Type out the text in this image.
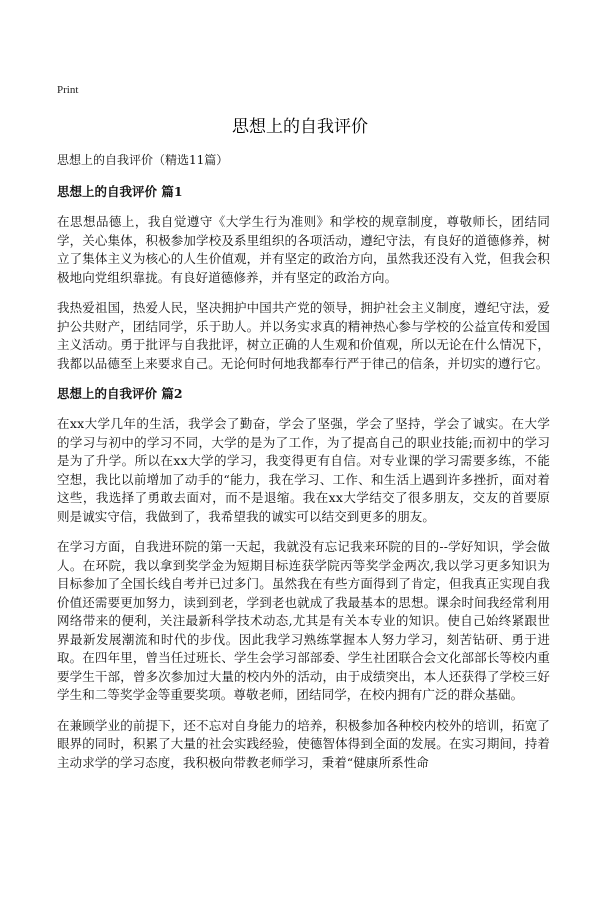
Print
思想上的自我评价
思想上的自我评价（精选11篇）
思想上的自我评价 篇1

在思想品德上，我自觉遵守《大学生行为准则》和学校的规章制度，尊敬师长，团结同学，关心集体，积极参加学校及系里组织的各项活动，遵纪守法，有良好的道德修养，树立了集体主义为核心的人生价值观，并有坚定的政治方向，虽然我还没有入党，但我会积极地向党组织靠拢。有良好道德修养，并有坚定的政治方向。

我热爱祖国，热爱人民，坚决拥护中国共产党的领导，拥护社会主义制度，遵纪守法，爱护公共财产，团结同学，乐于助人。并以务实求真的精神热心参与学校的公益宣传和爱国主义活动。勇于批评与自我批评，树立正确的人生观和价值观，所以无论在什么情况下，我都以品德至上来要求自己。无论何时何地我都奉行严于律己的信条，并切实的遵行它。

思想上的自我评价 篇2

在xx大学几年的生活，我学会了勤奋，学会了坚强，学会了坚持，学会了诚实。在大学的学习与初中的学习不同，大学的是为了工作，为了提高自己的职业技能;而初中的学习是为了升学。所以在xx大学的学习，我变得更有自信。对专业课的学习需要多练，不能空想，我比以前增加了动手的“能力，我在学习、工作、和生活上遇到许多挫折，面对着这些，我选择了勇敢去面对，而不是退缩。我在xx大学结交了很多朋友，交友的首要原则是诚实守信，我做到了，我希望我的诚实可以结交到更多的朋友。

在学习方面，自我进环院的第一天起，我就没有忘记我来环院的目的--学好知识，学会做人。在环院，我以拿到奖学金为短期目标连获学院丙等奖学金两次,我以学习更多知识为目标参加了全国长线自考并已过多门。虽然我在有些方面得到了肯定，但我真正实现自我价值还需要更加努力，读到到老，学到老也就成了我最基本的思想。课余时间我经常利用网络带来的便利，关注最新科学技术动态,尤其是有关本专业的知识。使自己始终紧跟世界最新发展潮流和时代的步伐。因此我学习熟练掌握本人努力学习，刻苦钻研、勇于进取。在四年里，曾当任过班长、学生会学习部部委、学生社团联合会文化部部长等校内重要学生干部，曾多次参加过大量的校内外的活动，由于成绩突出，本人还获得了学校三好学生和二等奖学金等重要奖项。尊敬老师，团结同学，在校内拥有广泛的群众基础。

在兼顾学业的前提下，还不忘对自身能力的培养，积极参加各种校内校外的培训，拓宽了眼界的同时，积累了大量的社会实践经验，使德智体得到全面的发展。在实习期间，持着主动求学的学习态度，我积极向带教老师学习，秉着“健康所系性命
